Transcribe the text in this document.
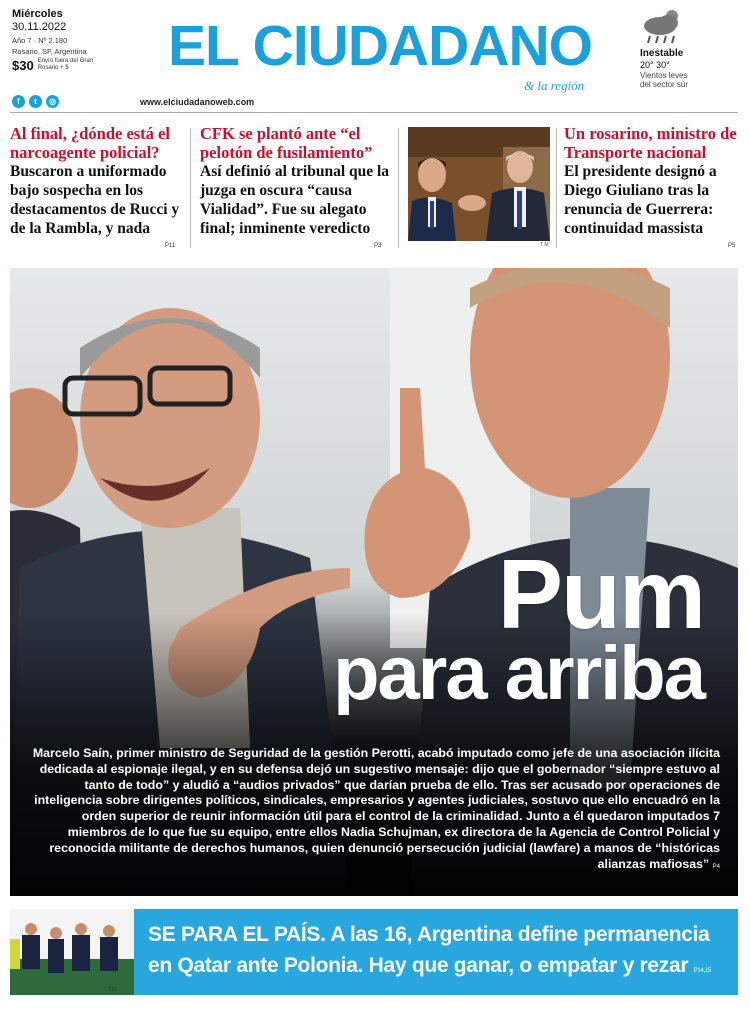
Miércoles
30.11.2022
Año 7 · Nº 2.180
Rosario, SF, Argentina
$30 Envío fuera del Gran Rosario + $	EL CIUDADANO
& la región
f	t	◎	www.elciudadanoweb.com
Inestable
20° 30°
Vientos leves
del sector sur
Al final, ¿dónde está el narcoagente policial?
Buscaron a uniformado bajo sospecha en los destacamentos de Rucci y de la Rambla, y nada
P11
CFK se plantó ante “el pelotón de fusilamiento”
Así definió al tribunal que la juzga en oscura “causa Vialidad”. Fue su alegato final; inminente veredicto
P3	T M
Un rosarino, ministro de Transporte nacional
El presidente designó a Diego Giuliano tras la renuncia de Guerrera: continuidad massista
P5
Pum
para arriba

Marcelo Saín, primer ministro de Seguridad de la gestión Perotti, acabó imputado como jefe de una asociación ilícita dedicada al espionaje ilegal, y en su defensa dejó un sugestivo mensaje: dijo que el gobernador “siempre estuvo al tanto de todo” y aludió a “audios privados” que darían prueba de ello. Tras ser acusado por operaciones de inteligencia sobre dirigentes políticos, sindicales, empresarios y agentes judiciales, sostuvo que ello encuadró en la orden superior de reunir información útil para el control de la criminalidad. Junto a él quedaron imputados 7 miembros de lo que fue su equipo, entre ellos Nadia Schujman, ex directora de la Agencia de Control Policial y reconocida militante de derechos humanos, quien denunció persecución judicial (lawfare) a manos de “históricas alianzas mafiosas” P4

SE PARA EL PAÍS. A las 16, Argentina define permanencia en Qatar ante Polonia. Hay que ganar, o empatar y rezar P14,15
T.M
